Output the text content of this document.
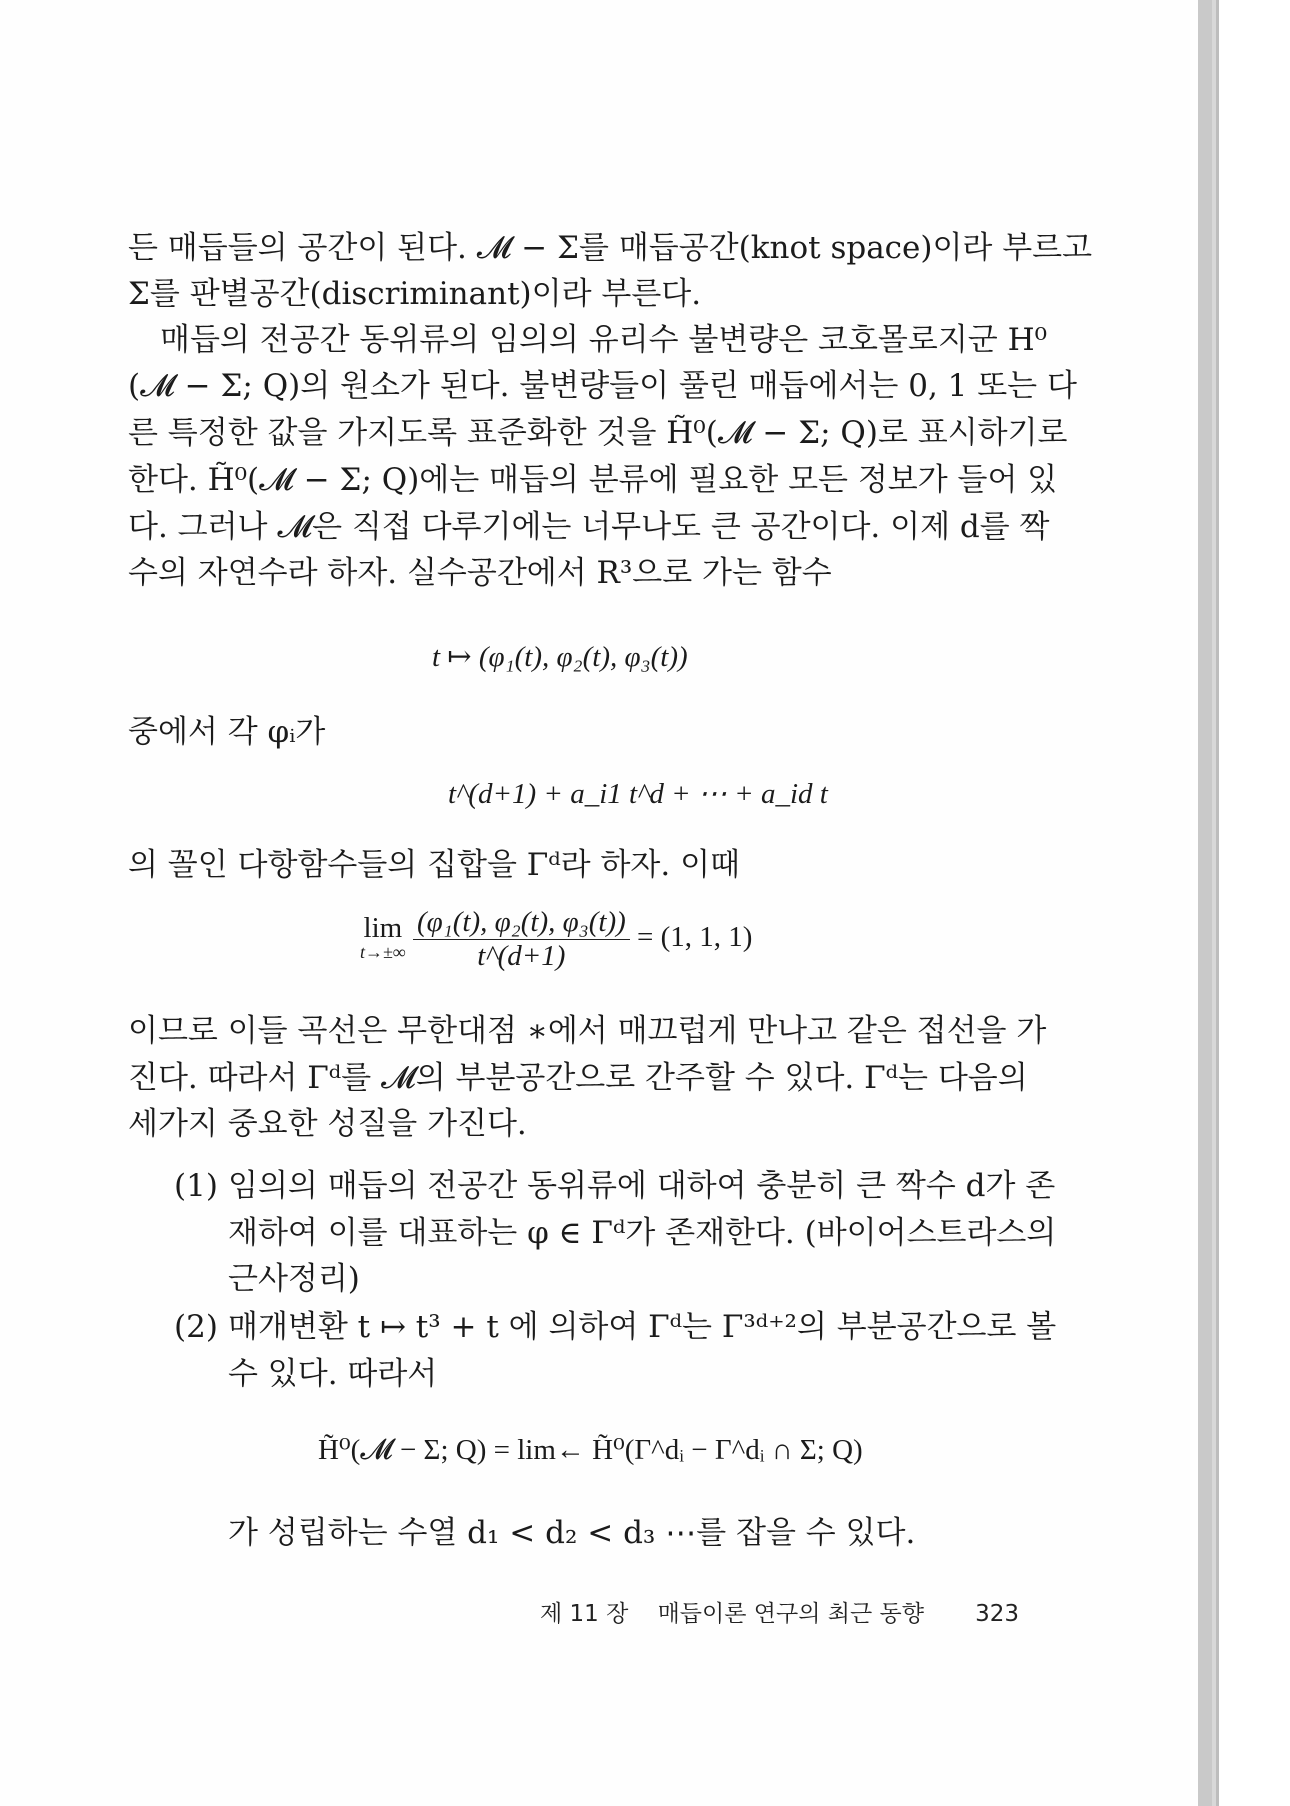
든 매듭들의 공간이 된다. 𝓜 − Σ를 매듭공간(knot space)이라 부르고
Σ를 판별공간(discriminant)이라 부른다.
매듭의 전공간 동위류의 임의의 유리수 불변량은 코호몰로지군 H⁰
(𝓜 − Σ; Q)의 원소가 된다. 불변량들이 풀린 매듭에서는 0, 1 또는 다
른 특정한 값을 가지도록 표준화한 것을 H̃⁰(𝓜 − Σ; Q)로 표시하기로
한다. H̃⁰(𝓜 − Σ; Q)에는 매듭의 분류에 필요한 모든 정보가 들어 있
다. 그러나 𝓜은 직접 다루기에는 너무나도 큰 공간이다. 이제 d를 짝
수의 자연수라 하자. 실수공간에서 R³으로 가는 함수
t ↦ (φ₁(t), φ₂(t), φ₃(t))
중에서 각 φᵢ가
t^(d+1) + a_i1 t^d + ⋯ + a_id t
의 꼴인 다항함수들의 집합을 Γᵈ라 하자. 이때
lim
t→±∞
$\frac{\text{(φ₁(t), φ₂(t), φ₃(t))}}{t\^{}(d+1)} = (1$, 1, 1)
이므로 이들 곡선은 무한대점 ∗에서 매끄럽게 만나고 같은 접선을 가
진다. 따라서 Γᵈ를 𝓜의 부분공간으로 간주할 수 있다. Γᵈ는 다음의
세가지 중요한 성질을 가진다.
(1) 임의의 매듭의 전공간 동위류에 대하여 충분히 큰 짝수 d가 존
재하여 이를 대표하는 φ ∈ Γᵈ가 존재한다. (바이어스트라스의
근사정리)
(2) 매개변환 t ↦ t³ + t 에 의하여 Γᵈ는 Γ³ᵈ⁺²의 부분공간으로 볼
수 있다. 따라서
H̃⁰(𝓜 − Σ; Q) = lim← H̃⁰(Γ^dᵢ − Γ^dᵢ ∩ Σ; Q)
가 성립하는 수열 d₁ < d₂ < d₃ ⋯를 잡을 수 있다.
제 11 장 매듭이론 연구의 최근 동향 323
